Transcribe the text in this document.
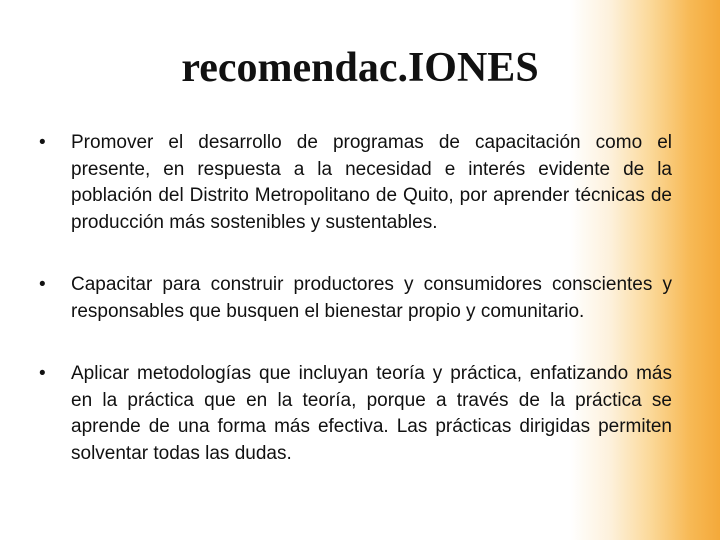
recomendac.IONES
• Promover el desarrollo de programas de capacitación como el presente, en respuesta a la necesidad e interés evidente de la población del Distrito Metropolitano de Quito, por aprender técnicas de producción más sostenibles y sustentables.
• Capacitar para construir productores y consumidores conscientes y responsables que busquen el bienestar propio y comunitario.
• Aplicar metodologías que incluyan teoría y práctica, enfatizando más en la práctica que en la teoría, porque a través de la práctica se aprende de una forma más efectiva. Las prácticas dirigidas permiten solventar todas las dudas.
